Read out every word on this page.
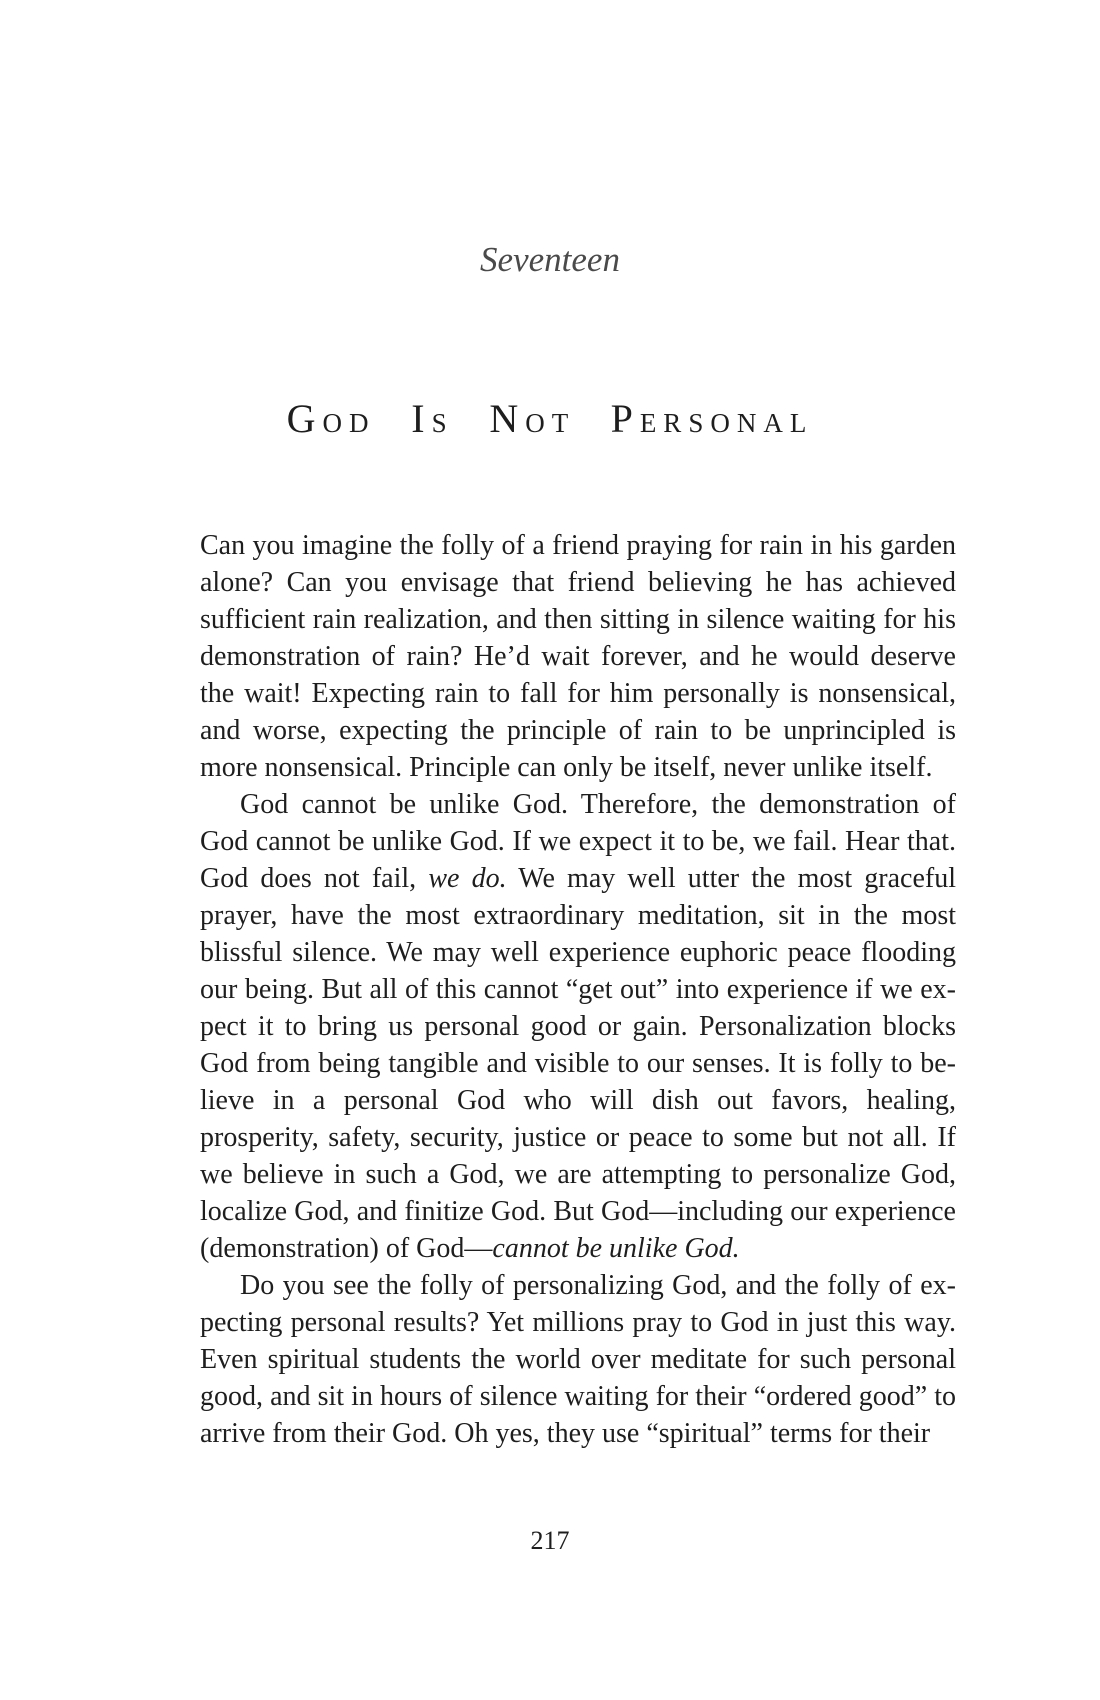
Seventeen
GOD IS NOT PERSONAL

Can you imagine the folly of a friend praying for rain in his garden alone? Can you envisage that friend believing he has achieved sufficient rain realization, and then sitting in silence waiting for his demonstration of rain? He’d wait forever, and he would deserve the wait! Expecting rain to fall for him personally is nonsensical, and worse, expecting the principle of rain to be unprincipled is more nonsensical. Principle can only be itself, never unlike itself.

God cannot be unlike God. Therefore, the demonstration of God cannot be unlike God. If we expect it to be, we fail. Hear that. God does not fail, we do. We may well utter the most graceful prayer, have the most extraordinary meditation, sit in the most blissful silence. We may well experience euphoric peace flooding our being. But all of this cannot “get out” into experience if we expect it to bring us personal good or gain. Personalization blocks God from being tangible and visible to our senses. It is folly to believe in a personal God who will dish out favors, healing, prosperity, safety, security, justice or peace to some but not all. If we believe in such a God, we are attempting to personalize God, localize God, and finitize God. But God—including our experience (demonstration) of God—cannot be unlike God.

Do you see the folly of personalizing God, and the folly of expecting personal results? Yet millions pray to God in just this way. Even spiritual students the world over meditate for such personal good, and sit in hours of silence waiting for their “ordered good” to arrive from their God. Oh yes, they use “spiritual” terms for their

217
